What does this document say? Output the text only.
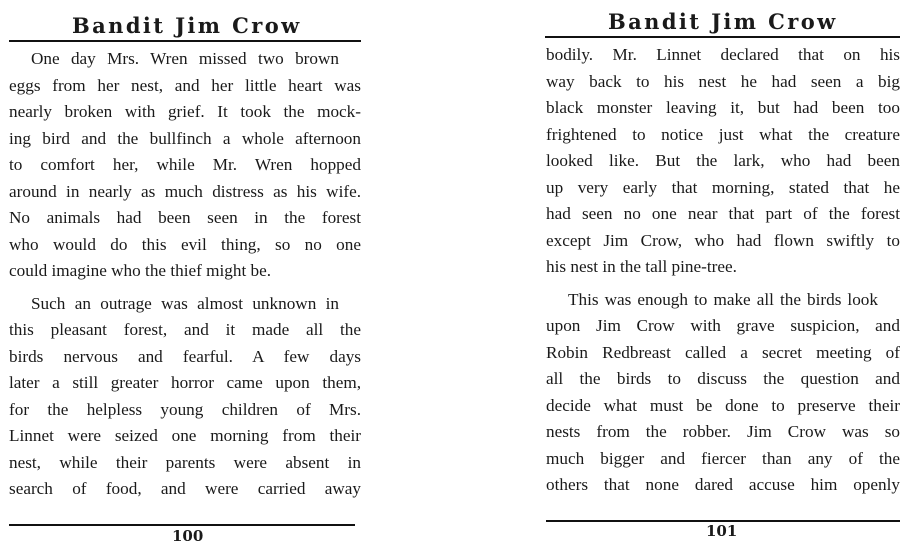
Bandit Jim Crow

One day Mrs. Wren missed two brown
eggs from her nest, and her little heart was
nearly broken with grief. It took the mock-
ing bird and the bullfinch a whole afternoon
to comfort her, while Mr. Wren hopped
around in nearly as much distress as his wife.
No animals had been seen in the forest
who would do this evil thing, so no one
could imagine who the thief might be.

Such an outrage was almost unknown in
this pleasant forest, and it made all the
birds nervous and fearful. A few days
later a still greater horror came upon them,
for the helpless young children of Mrs.
Linnet were seized one morning from their
nest, while their parents were absent in
search of food, and were carried away

100
Bandit Jim Crow

bodily. Mr. Linnet declared that on his
way back to his nest he had seen a big
black monster leaving it, but had been too
frightened to notice just what the creature
looked like. But the lark, who had been
up very early that morning, stated that he
had seen no one near that part of the forest
except Jim Crow, who had flown swiftly to
his nest in the tall pine-tree.

This was enough to make all the birds look
upon Jim Crow with grave suspicion, and
Robin Redbreast called a secret meeting of
all the birds to discuss the question and
decide what must be done to preserve their
nests from the robber. Jim Crow was so
much bigger and fiercer than any of the
others that none dared accuse him openly

101
